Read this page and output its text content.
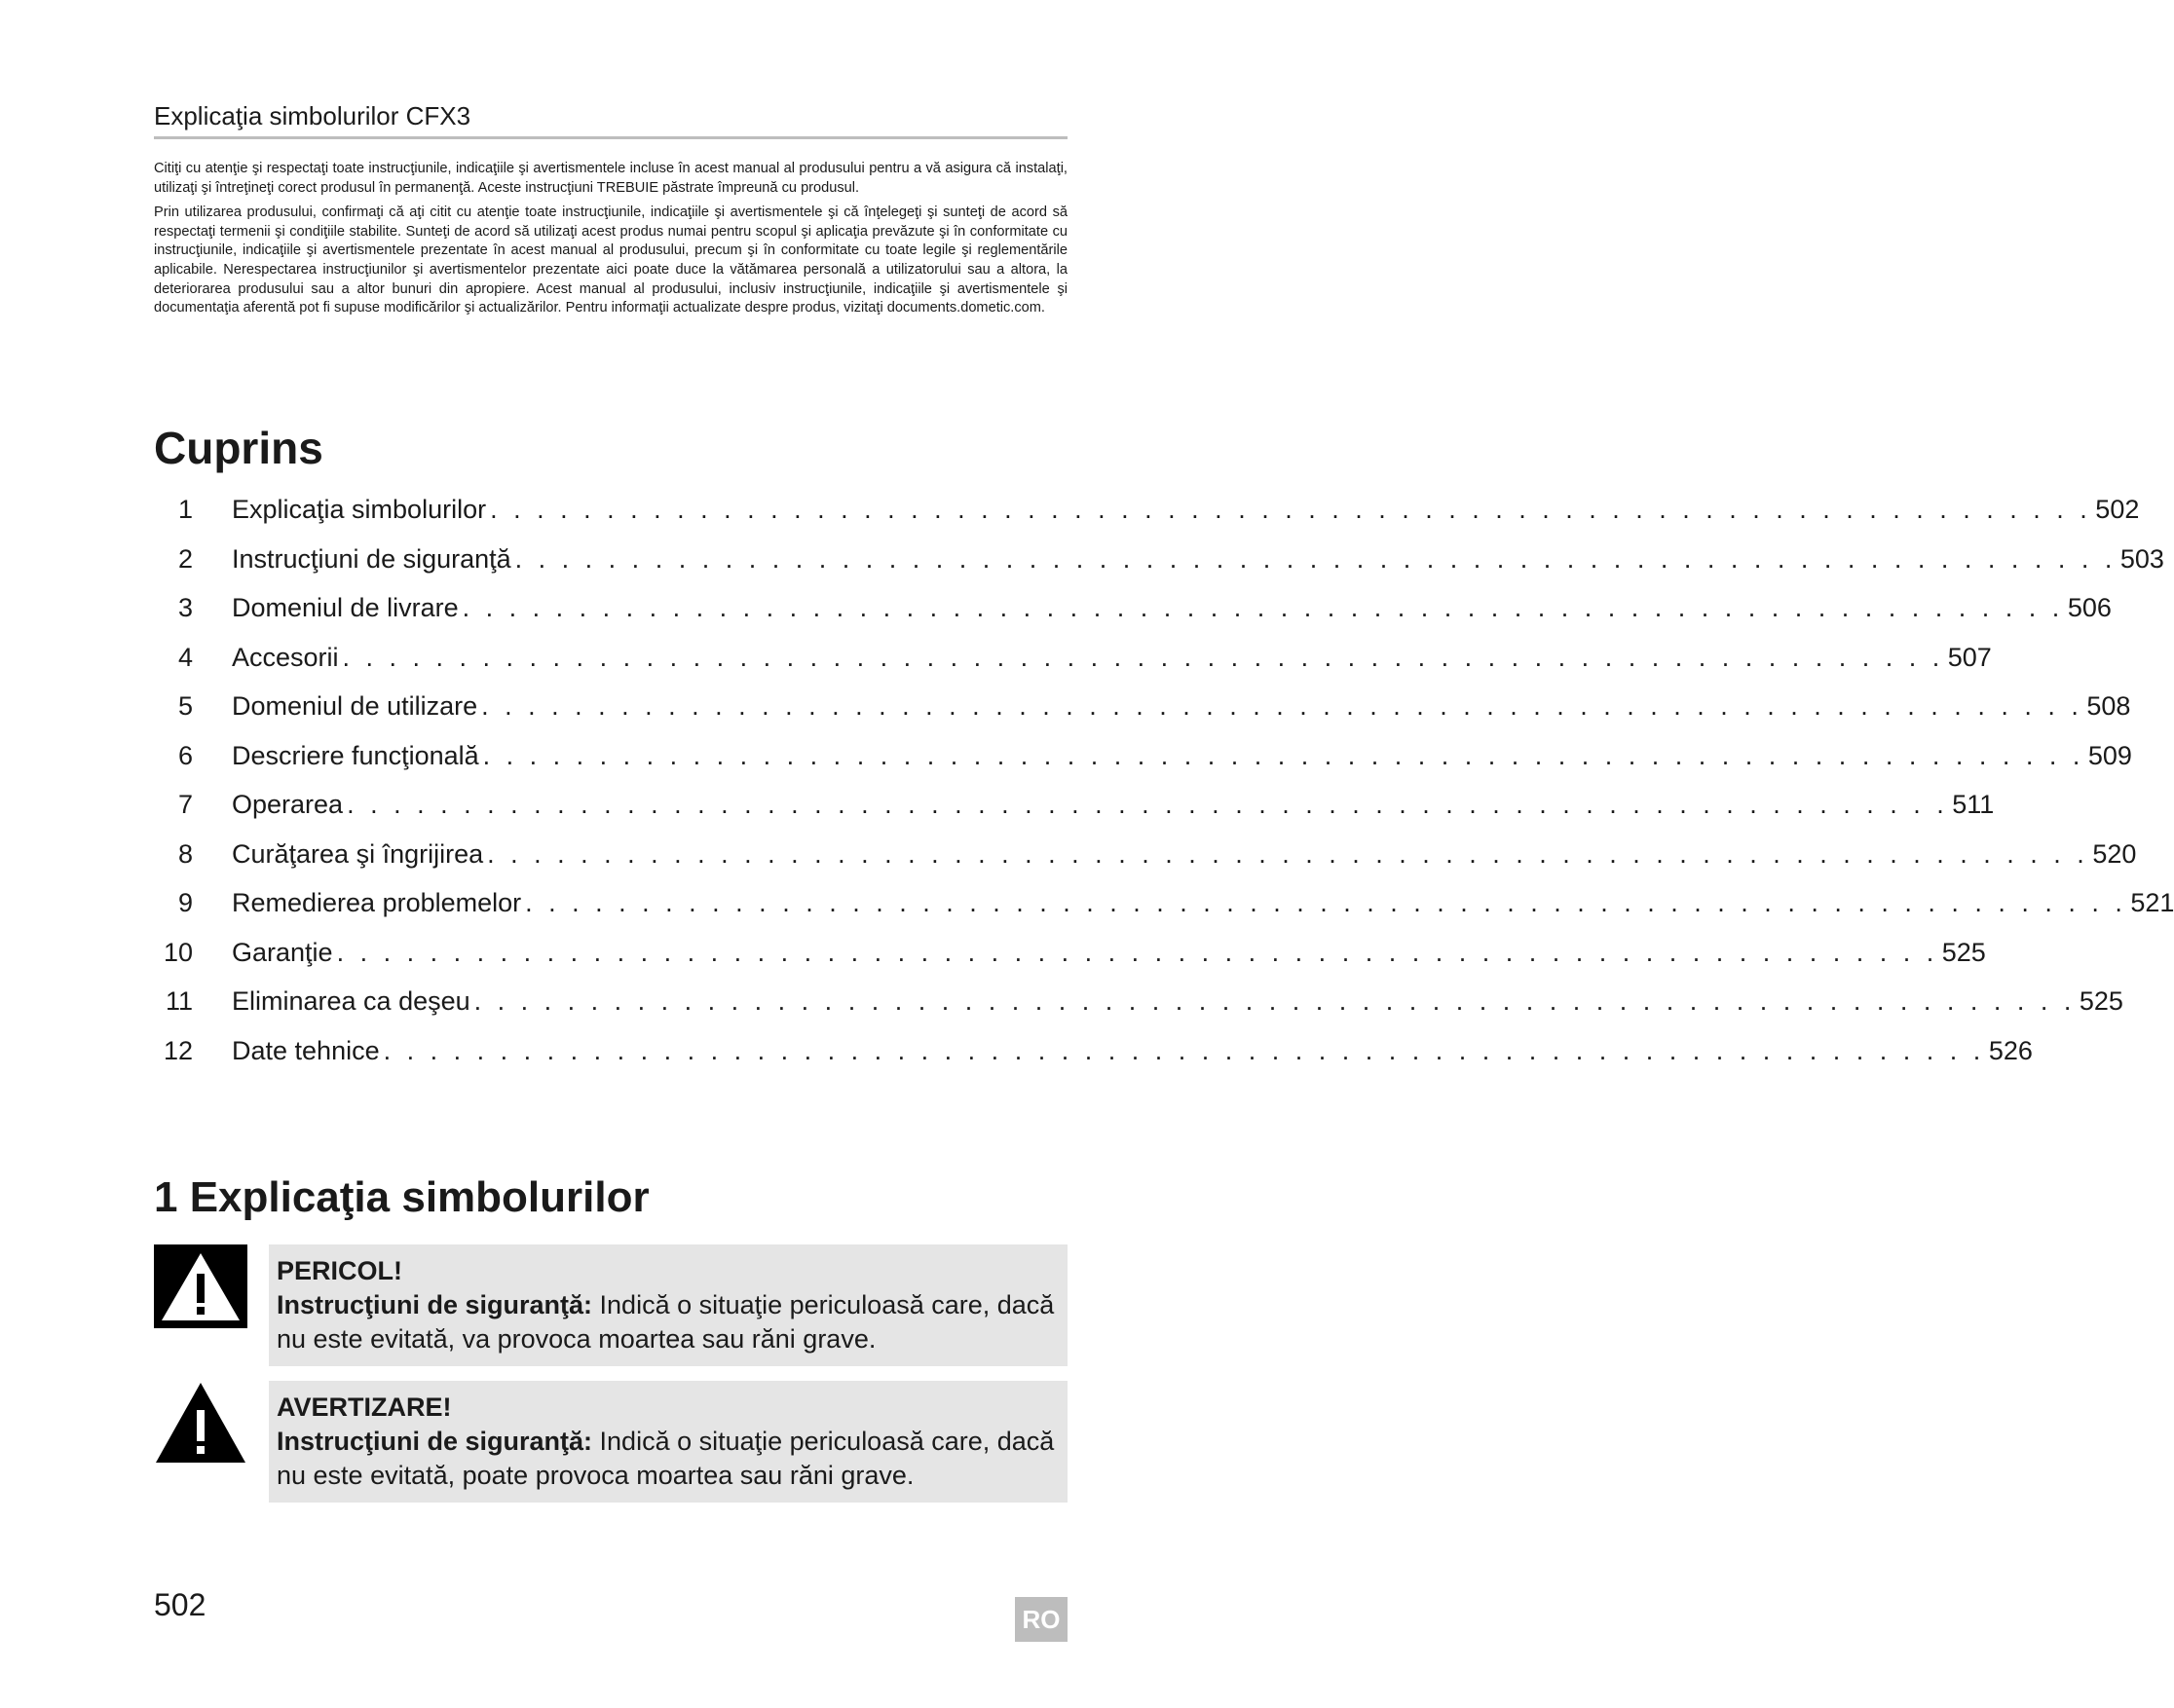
Explicaţia simbolurilor CFX3

Citiţi cu atenţie şi respectaţi toate instrucţiunile, indicaţiile şi avertismentele incluse în acest manual al produsului pentru a vă asigura că instalaţi, utilizaţi şi întreţineţi corect produsul în permanenţă. Aceste instrucţiuni TREBUIE păstrate împreună cu produsul.

Prin utilizarea produsului, confirmaţi că aţi citit cu atenţie toate instrucţiunile, indicaţiile şi avertismentele şi că înţelegeţi şi sunteţi de acord să respectaţi termenii şi condiţiile stabilite. Sunteţi de acord să utilizaţi acest produs numai pentru scopul şi aplicaţia prevăzute şi în conformitate cu instrucţiunile, indicaţiile şi avertismentele prezentate în acest manual al produsului, precum şi în conformitate cu toate legile şi reglementările aplicabile. Nerespectarea instrucţiunilor şi avertismentelor prezentate aici poate duce la vătămarea personală a utilizatorului sau a altora, la deteriorarea produsului sau a altor bunuri din apropiere. Acest manual al produsului, inclusiv instrucţiunile, indicaţiile şi avertismentele şi documentaţia aferentă pot fi supuse modificărilor şi actualizărilor. Pentru informaţii actualizate despre produs, vizitaţi documents.dometic.com.

Cuprins
1 Explicaţia simbolurilor . . . . . . . . . . . . . . . . . . . . . . . . . . . . . . . . . . . . . . . . . . . . . . . . . . . . . . . . . . . . . . . . . . . . . 502
2 Instrucţiuni de siguranţă . . . . . . . . . . . . . . . . . . . . . . . . . . . . . . . . . . . . . . . . . . . . . . . . . . . . . . . . . . . . . . . . . . . . . 503
3 Domeniul de livrare . . . . . . . . . . . . . . . . . . . . . . . . . . . . . . . . . . . . . . . . . . . . . . . . . . . . . . . . . . . . . . . . . . . . . 506
4 Accesorii . . . . . . . . . . . . . . . . . . . . . . . . . . . . . . . . . . . . . . . . . . . . . . . . . . . . . . . . . . . . . . . . . . . . . 507
5 Domeniul de utilizare . . . . . . . . . . . . . . . . . . . . . . . . . . . . . . . . . . . . . . . . . . . . . . . . . . . . . . . . . . . . . . . . . . . . . 508
6 Descriere funcţională . . . . . . . . . . . . . . . . . . . . . . . . . . . . . . . . . . . . . . . . . . . . . . . . . . . . . . . . . . . . . . . . . . . . . 509
7 Operarea . . . . . . . . . . . . . . . . . . . . . . . . . . . . . . . . . . . . . . . . . . . . . . . . . . . . . . . . . . . . . . . . . . . . . 511
8 Curăţarea şi îngrijirea . . . . . . . . . . . . . . . . . . . . . . . . . . . . . . . . . . . . . . . . . . . . . . . . . . . . . . . . . . . . . . . . . . . . . 520
9 Remedierea problemelor . . . . . . . . . . . . . . . . . . . . . . . . . . . . . . . . . . . . . . . . . . . . . . . . . . . . . . . . . . . . . . . . . . . . . 521
10 Garanţie . . . . . . . . . . . . . . . . . . . . . . . . . . . . . . . . . . . . . . . . . . . . . . . . . . . . . . . . . . . . . . . . . . . . . 525
11 Eliminarea ca deşeu . . . . . . . . . . . . . . . . . . . . . . . . . . . . . . . . . . . . . . . . . . . . . . . . . . . . . . . . . . . . . . . . . . . . . 525
12 Date tehnice . . . . . . . . . . . . . . . . . . . . . . . . . . . . . . . . . . . . . . . . . . . . . . . . . . . . . . . . . . . . . . . . . . . . . 526
1 Explicaţia simbolurilor
PERICOL!
Instrucţiuni de siguranţă: Indică o situaţie periculoasă care, dacă nu este evitată, va provoca moartea sau răni grave.
AVERTIZARE!
Instrucţiuni de siguranţă: Indică o situaţie periculoasă care, dacă nu este evitată, poate provoca moartea sau răni grave.
502	RO
